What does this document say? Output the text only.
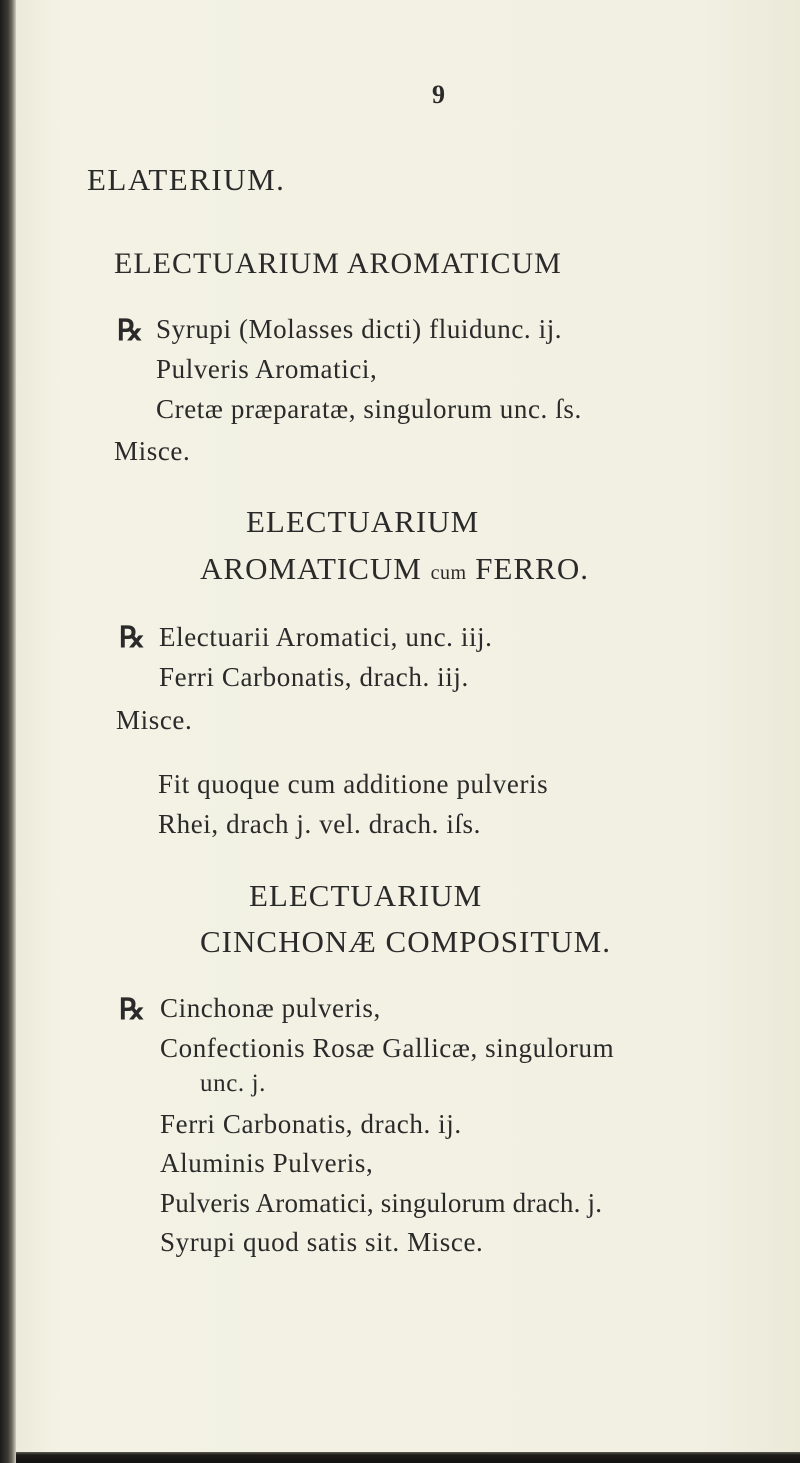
9
ELATERIUM.
ELECTUARIUM AROMATICUM
℞ Syrupi (Molasses dicti) fluidunc. ij.
Pulveris Aromatici,
Cretæ præparatæ, singulorum unc. ſs.
Misce.
ELECTUARIUM
AROMATICUM cum FERRO.
℞ Electuarii Aromatici, unc. iij.
Ferri Carbonatis, drach. iij.
Misce.
Fit quoque cum additione pulveris
Rhei, drach j. vel. drach. iſs.
ELECTUARIUM
CINCHONÆ COMPOSITUM.
℞ Cinchonæ pulveris,
Confectionis Rosæ Gallicæ, singulorum
unc. j.
Ferri Carbonatis, drach. ij.
Aluminis Pulveris,
Pulveris Aromatici, singulorum drach. j.
Syrupi quod satis sit. Misce.
